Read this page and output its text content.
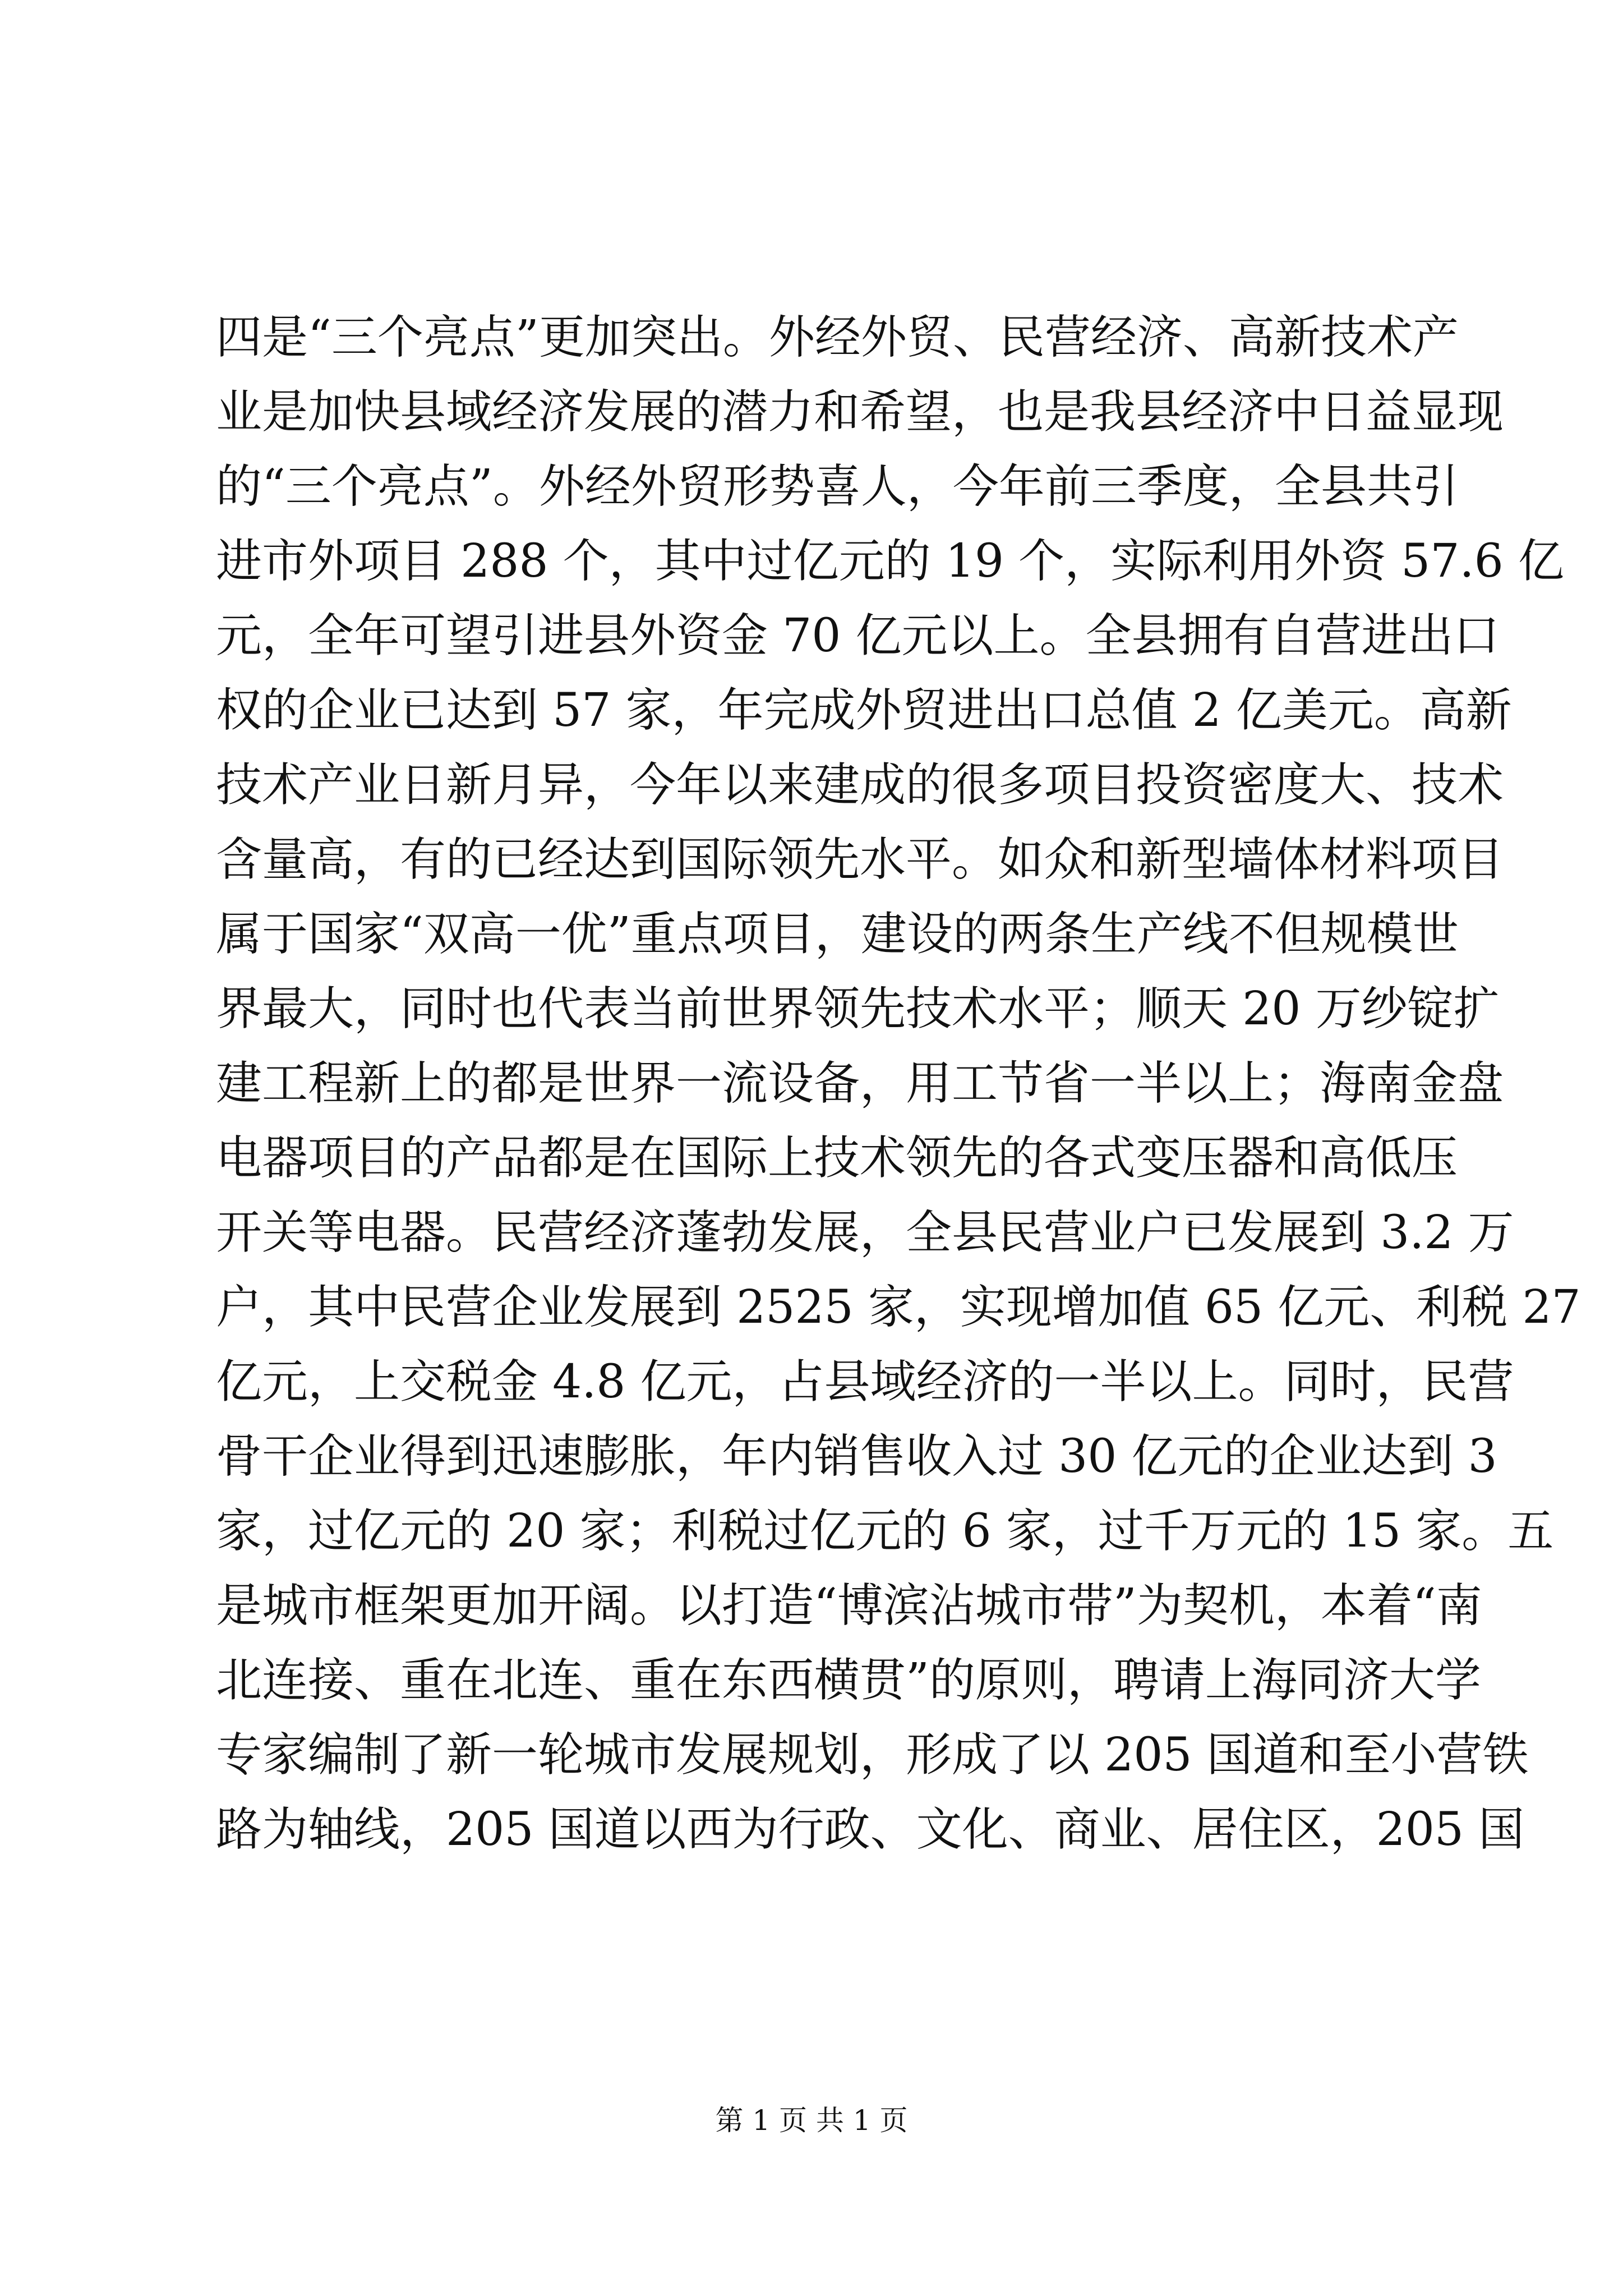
四是“三个亮点”更加突出。外经外贸、民营经济、高新技术产
业是加快县域经济发展的潜力和希望，也是我县经济中日益显现
的“三个亮点”。外经外贸形势喜人，今年前三季度，全县共引
进市外项目 288 个，其中过亿元的 19 个，实际利用外资 57.6 亿
元，全年可望引进县外资金 70 亿元以上。全县拥有自营进出口
权的企业已达到 57 家，年完成外贸进出口总值 2 亿美元。高新
技术产业日新月异，今年以来建成的很多项目投资密度大、技术
含量高，有的已经达到国际领先水平。如众和新型墙体材料项目
属于国家“双高一优”重点项目，建设的两条生产线不但规模世
界最大，同时也代表当前世界领先技术水平；顺天 20 万纱锭扩
建工程新上的都是世界一流设备，用工节省一半以上；海南金盘
电器项目的产品都是在国际上技术领先的各式变压器和高低压
开关等电器。民营经济蓬勃发展，全县民营业户已发展到 3.2 万
户，其中民营企业发展到 2525 家，实现增加值 65 亿元、利税 27
亿元，上交税金 4.8 亿元，占县域经济的一半以上。同时，民营
骨干企业得到迅速膨胀，年内销售收入过 30 亿元的企业达到 3
家，过亿元的 20 家；利税过亿元的 6 家，过千万元的 15 家。五
是城市框架更加开阔。以打造“博滨沾城市带”为契机，本着“南
北连接、重在北连、重在东西横贯”的原则，聘请上海同济大学
专家编制了新一轮城市发展规划，形成了以 205 国道和至小营铁
路为轴线，205 国道以西为行政、文化、商业、居住区，205 国
第 1 页 共 1 页
